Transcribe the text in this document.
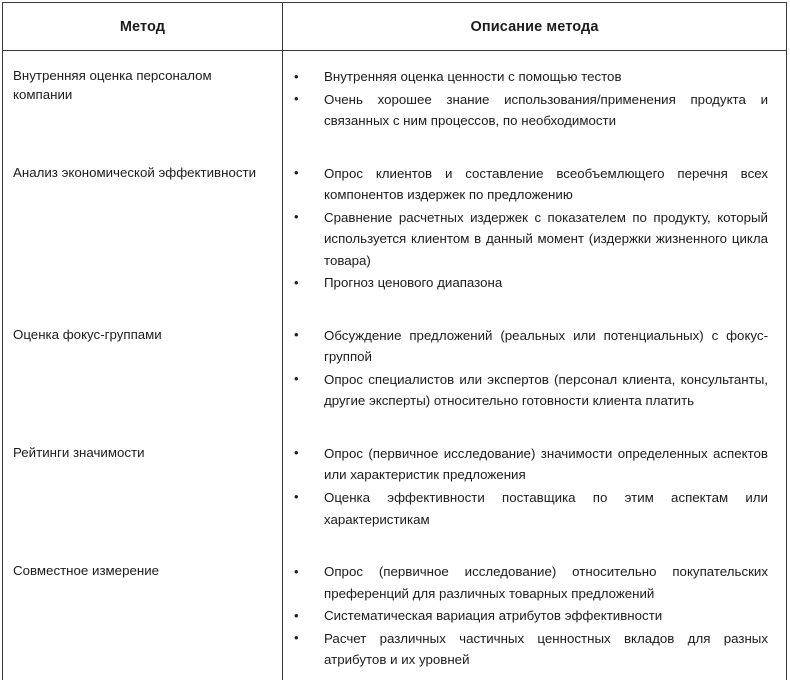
Метод	Описание метода
Внутренняя оценка персоналом компании	
• Внутренняя оценка ценности с помощью тестов
• Очень хорошее знание использования/применения продукта и связанных с ним процессов, по необходимости

Анализ экономической эффективности	
•Опрос клиентов и составление всеобъемлющего перечня всех компонентов издержек по предложению
• Сравнение расчетных издержек с показателем по продукту, который используется клиентом в данный момент (издержки жизненного цикла товара)
• Прогноз ценового диапазона

Оценка фокус-группами	
•Обсуждение предложений (реальных или потенциальных) с фокус-группой
• Опрос специалистов или экспертов (персонал клиента, консультанты, другие эксперты) относительно готовности клиента платить

Рейтинги значимости	
•Опрос (первичное исследование) значимости определенных аспектов или характеристик предложения
• Оценка эффективности поставщика по этим аспектам или характеристикам

Совместное измерение	
•Опрос (первичное исследование) относительно покупательских преференций для различных товарных предложений
• Систематическая вариация атрибутов эффективности
• Расчет различных частичных ценностных вкладов для разных атрибутов и их уровней
